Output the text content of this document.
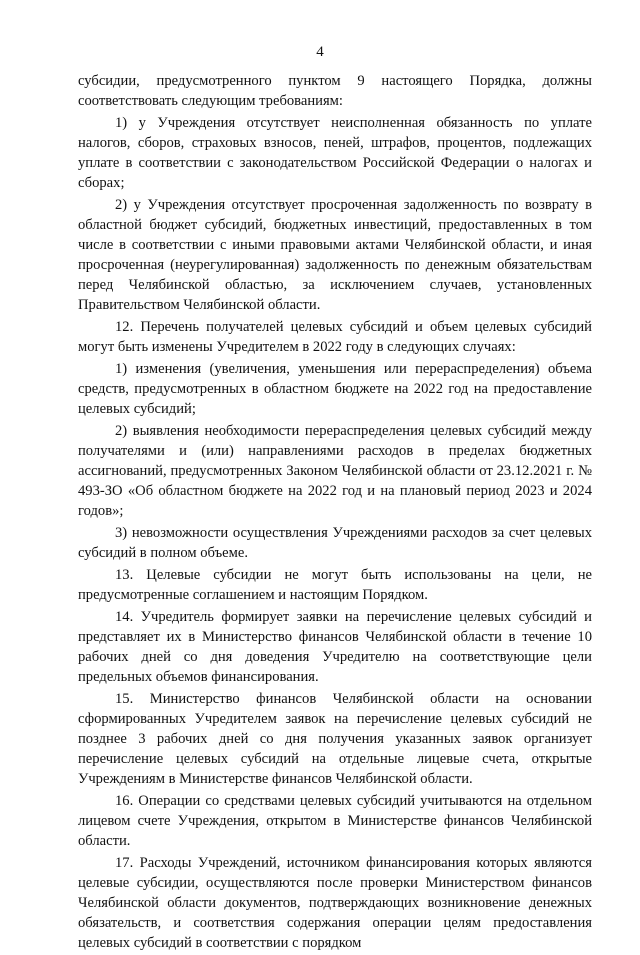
4

субсидии, предусмотренного пунктом 9 настоящего Порядка, должны соответствовать следующим требованиям:

1) у Учреждения отсутствует неисполненная обязанность по уплате налогов, сборов, страховых взносов, пеней, штрафов, процентов, подлежащих уплате в соответствии с законодательством Российской Федерации о налогах и сборах;

2) у Учреждения отсутствует просроченная задолженность по возврату в областной бюджет субсидий, бюджетных инвестиций, предоставленных в том числе в соответствии с иными правовыми актами Челябинской области, и иная просроченная (неурегулированная) задолженность по денежным обязательствам перед Челябинской областью, за исключением случаев, установленных Правительством Челябинской области.

12. Перечень получателей целевых субсидий и объем целевых субсидий могут быть изменены Учредителем в 2022 году в следующих случаях:

1) изменения (увеличения, уменьшения или перераспределения) объема средств, предусмотренных в областном бюджете на 2022 год на предоставление целевых субсидий;

2) выявления необходимости перераспределения целевых субсидий между получателями и (или) направлениями расходов в пределах бюджетных ассигнований, предусмотренных Законом Челябинской области от 23.12.2021 г. № 493-ЗО «Об областном бюджете на 2022 год и на плановый период 2023 и 2024 годов»;

3) невозможности осуществления Учреждениями расходов за счет целевых субсидий в полном объеме.

13. Целевые субсидии не могут быть использованы на цели, не предусмотренные соглашением и настоящим Порядком.

14. Учредитель формирует заявки на перечисление целевых субсидий и представляет их в Министерство финансов Челябинской области в течение 10 рабочих дней со дня доведения Учредителю на соответствующие цели предельных объемов финансирования.

15. Министерство финансов Челябинской области на основании сформированных Учредителем заявок на перечисление целевых субсидий не позднее 3 рабочих дней со дня получения указанных заявок организует перечисление целевых субсидий на отдельные лицевые счета, открытые Учреждениям в Министерстве финансов Челябинской области.

16. Операции со средствами целевых субсидий учитываются на отдельном лицевом счете Учреждения, открытом в Министерстве финансов Челябинской области.

17. Расходы Учреждений, источником финансирования которых являются целевые субсидии, осуществляются после проверки Министерством финансов Челябинской области документов, подтверждающих возникновение денежных обязательств, и соответствия содержания операции целям предоставления целевых субсидий в соответствии с порядком
